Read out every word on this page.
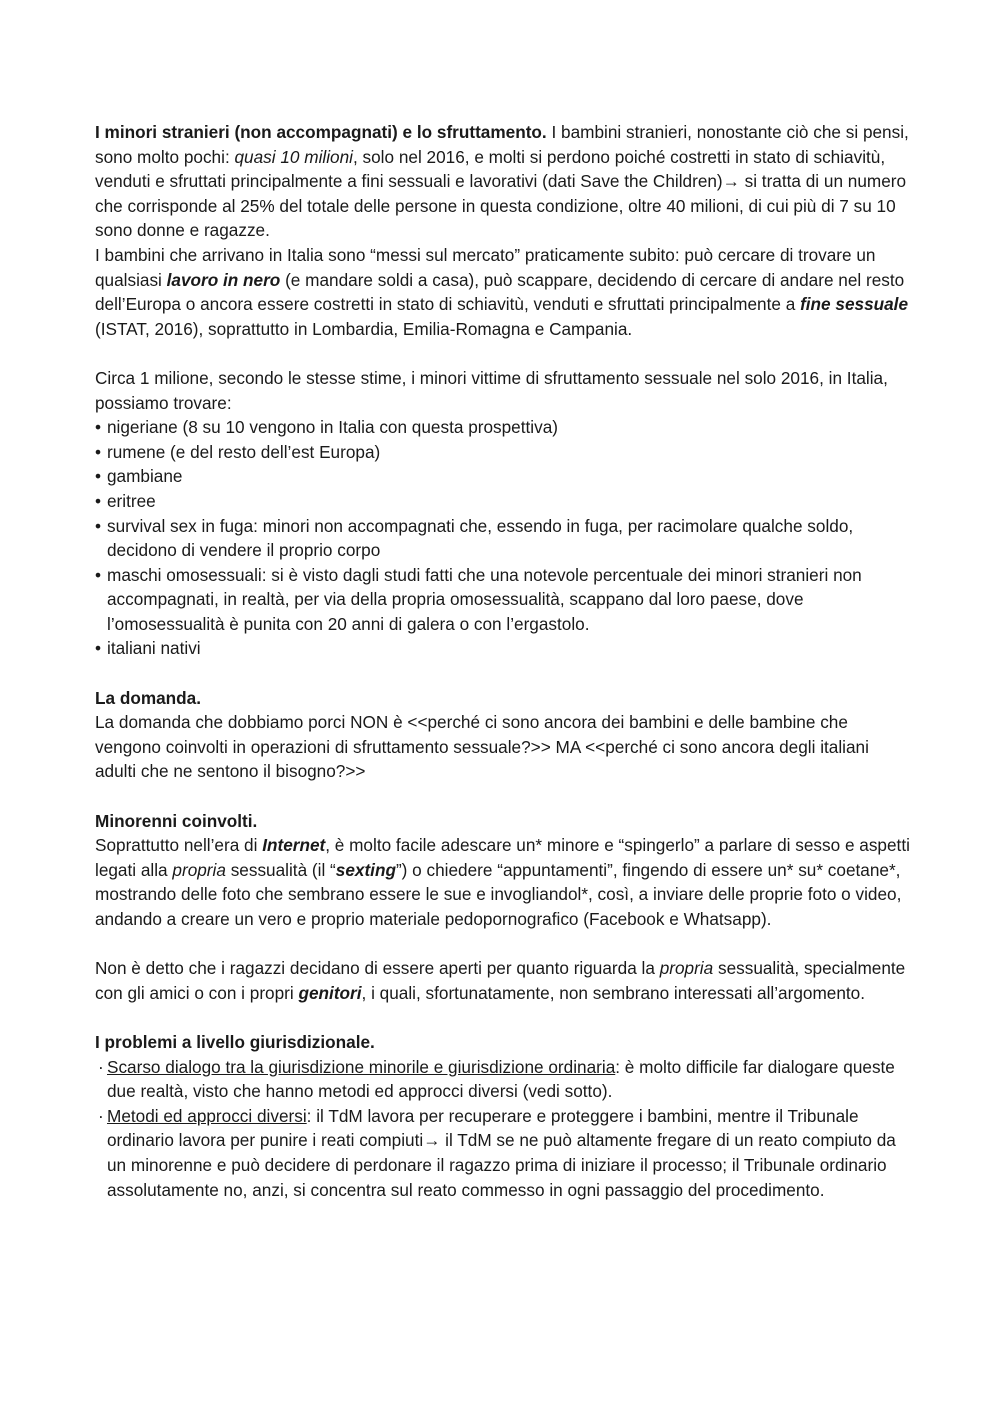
I minori stranieri (non accompagnati) e lo sfruttamento. I bambini stranieri, nonostante ciò che si pensi, sono molto pochi: quasi 10 milioni, solo nel 2016, e molti si perdono poiché costretti in stato di schiavitù, venduti e sfruttati principalmente a fini sessuali e lavorativi (dati Save the Children)→ si tratta di un numero che corrisponde al 25% del totale delle persone in questa condizione, oltre 40 milioni, di cui più di 7 su 10 sono donne e ragazze.

I bambini che arrivano in Italia sono “messi sul mercato” praticamente subito: può cercare di trovare un qualsiasi lavoro in nero (e mandare soldi a casa), può scappare, decidendo di cercare di andare nel resto dell’Europa o ancora essere costretti in stato di schiavitù, venduti e sfruttati principalmente a fine sessuale (ISTAT, 2016), soprattutto in Lombardia, Emilia-Romagna e Campania.

Circa 1 milione, secondo le stesse stime, i minori vittime di sfruttamento sessuale nel solo 2016, in Italia, possiamo trovare:

• nigeriane (8 su 10 vengono in Italia con questa prospettiva)
• rumene (e del resto dell’est Europa)
• gambiane
• eritree
• survival sex in fuga: minori non accompagnati che, essendo in fuga, per racimolare qualche soldo, decidono di vendere il proprio corpo
• maschi omosessuali: si è visto dagli studi fatti che una notevole percentuale dei minori stranieri non accompagnati, in realtà, per via della propria omosessualità, scappano dal loro paese, dove l’omosessualità è punita con 20 anni di galera o con l’ergastolo.
• italiani nativi

La domanda.

La domanda che dobbiamo porci NON è <<perché ci sono ancora dei bambini e delle bambine che vengono coinvolti in operazioni di sfruttamento sessuale?>> MA <<perché ci sono ancora degli italiani adulti che ne sentono il bisogno?>>

Minorenni coinvolti.

Soprattutto nell’era di Internet, è molto facile adescare un* minore e “spingerlo” a parlare di sesso e aspetti legati alla propria sessualità (il “sexting”) o chiedere “appuntamenti”, fingendo di essere un* su* coetane*, mostrando delle foto che sembrano essere le sue e invogliandol*, così, a inviare delle proprie foto o video, andando a creare un vero e proprio materiale pedopornografico (Facebook e Whatsapp).

Non è detto che i ragazzi decidano di essere aperti per quanto riguarda la propria sessualità, specialmente con gli amici o con i propri genitori, i quali, sfortunatamente, non sembrano interessati all’argomento.

I problemi a livello giurisdizionale.

· Scarso dialogo tra la giurisdizione minorile e giurisdizione ordinaria: è molto difficile far dialogare queste due realtà, visto che hanno metodi ed approcci diversi (vedi sotto).
· Metodi ed approcci diversi: il TdM lavora per recuperare e proteggere i bambini, mentre il Tribunale ordinario lavora per punire i reati compiuti→ il TdM se ne può altamente fregare di un reato compiuto da un minorenne e può decidere di perdonare il ragazzo prima di iniziare il processo; il Tribunale ordinario assolutamente no, anzi, si concentra sul reato commesso in ogni passaggio del procedimento.
